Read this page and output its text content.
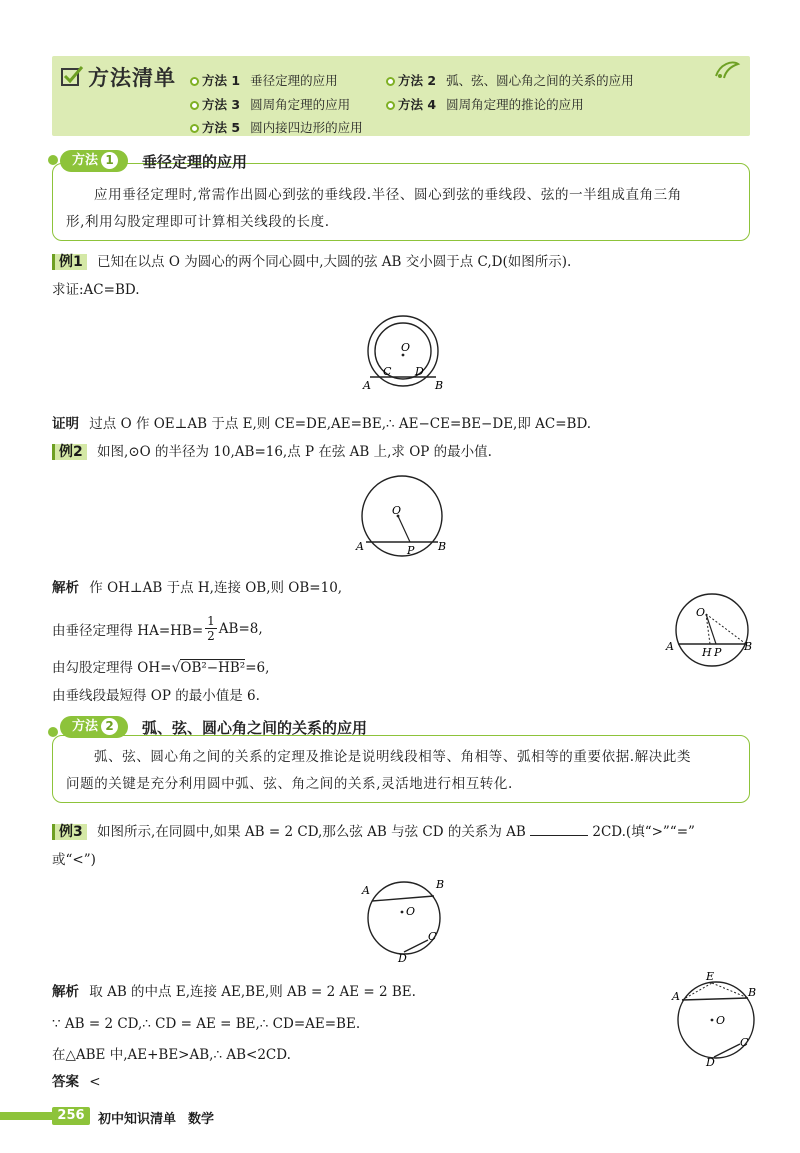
方法清单	方法 1 垂径定理的应用	方法 2 弧、弦、圆心角之间的关系的应用
方法 3 圆周角定理的应用	方法 4 圆周角定理的推论的应用
方法 5 圆内接四边形的应用
方法 1	垂径定理的应用
应用垂径定理时,常需作出圆心到弦的垂线段.半径、圆心到弦的垂线段、弦的一半组成直角三角
形,利用勾股定理即可计算相关线段的长度.
例1 已知在以点 O 为圆心的两个同心圆中,大圆的弦 AB 交小圆于点 C,D(如图所示).
求证:AC=BD.
O
A	B
C D
证明 过点 O 作 OE⊥AB 于点 E,则 CE=DE,AE=BE,∴ AE−CE=BE−DE,即 AC=BD.
例2 如图,⊙O 的半径为 10,AB=16,点 P 在弦 AB 上,求 OP 的最小值.
O
A	B
P
解析 作 OH⊥AB 于点 H,连接 OB,则 OB=10,
由垂径定理得 $HA=HB= \frac{1}{2} AB=8$,
由勾股定理得 OH=√OB²−HB²=6,
由垂线段最短得 OP 的最小值是 6.
O
A	B
H P
方法 2	弧、弦、圆心角之间的关系的应用
弧、弦、圆心角之间的关系的定理及推论是说明线段相等、角相等、弧相等的重要依据.解决此类
问题的关键是充分利用圆中弧、弦、角之间的关系,灵活地进行相互转化.
例3 如图所示,在同圆中,如果 AB = 2 CD,那么弦 AB 与弦 CD 的关系为 AB	2CD.(填“>”“=”
或“<”)
O
A	B
C
D
解析 取 AB 的中点 E,连接 AE,BE,则 AB = 2 AE = 2 BE.
∵ AB = 2 CD,∴ CD = AE = BE,∴ CD=AE=BE.
在△ABE 中,AE+BE>AB,∴ AB<2CD.
答案 <
O
A	B
C
D
E
256	初中知识清单 数学
